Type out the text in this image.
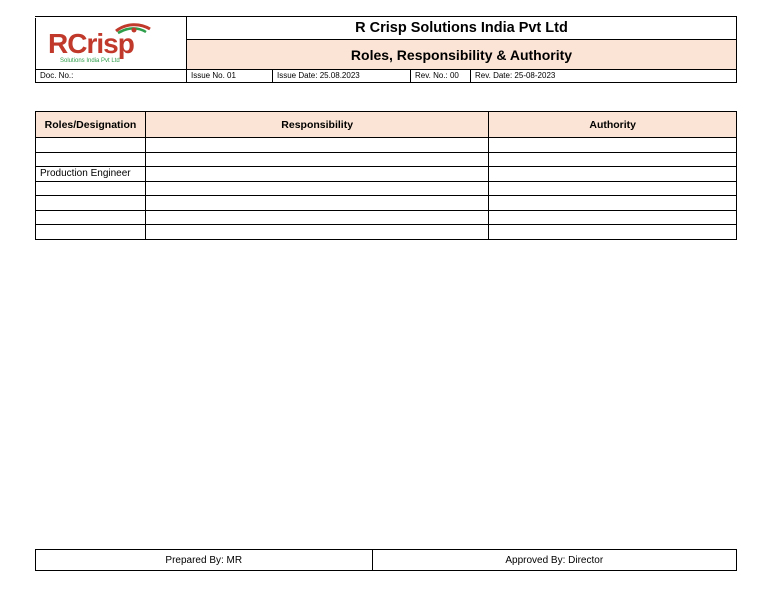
RCrisp
Solutions India Pvt Ltd
R Crisp Solutions India Pvt Ltd
Roles, Responsibility & Authority
Doc. No.:	Issue No. 01	Issue Date: 25.08.2023	Rev. No.: 00	Rev. Date: 25-08-2023
Roles/Designation	Responsibility	Authority

Production Engineer		

Prepared By: MR	Approved By: Director
